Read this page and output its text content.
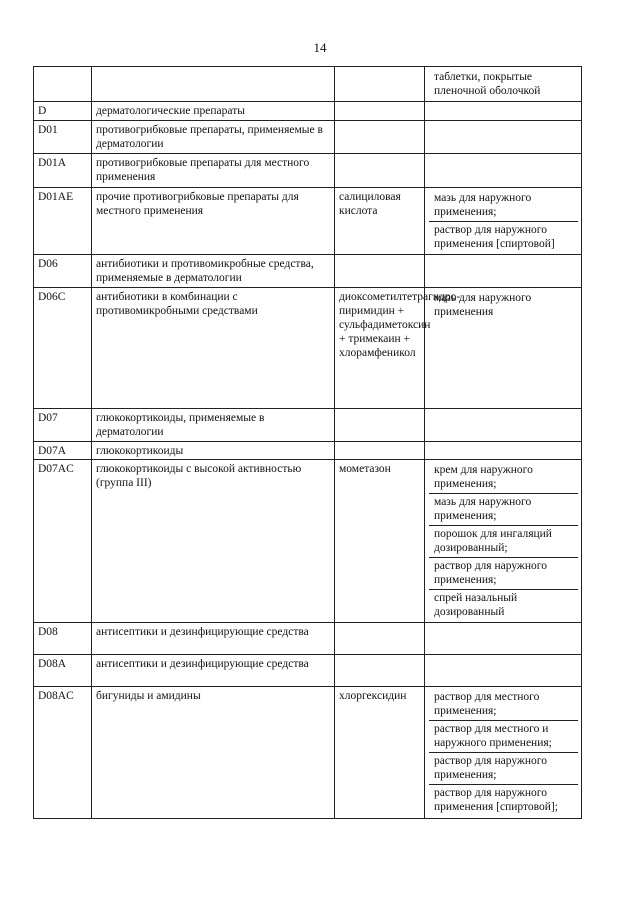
14

			таблетки, покрытые пленочной оболочкой

D	дерматологические препараты		
D01	противогрибковые препараты, применяемые в дерматологии		
D01A	противогрибковые препараты для местного применения		
D01AE	прочие противогрибковые препараты для местного применения	салициловая кислота	мазь для наружного применения;
раствор для наружного применения [спиртовой]

D06	антибиотики и противомикробные средства, применяемые в дерматологии		
D06C	антибиотики в комбинации с противомикробными средствами	диоксометилтетрагидро-пиримидин + сульфадиметоксин + тримекаин + хлорамфеникол	мазь для наружного применения

D07	глюкокортикоиды, применяемые в дерматологии		
D07A	глюкокортикоиды		
D07AC	глюкокортикоиды с высокой активностью (группа III)	мометазон	крем для наружного применения;
мазь для наружного применения;
порошок для ингаляций дозированный;
раствор для наружного применения;
спрей назальный дозированный

D08	антисептики и дезинфицирующие средства		
D08A	антисептики и дезинфицирующие средства		
D08AC	бигуниды и амидины	хлоргексидин	раствор для местного применения;
раствор для местного и наружного применения;
раствор для наружного применения;
раствор для наружного применения [спиртовой];
